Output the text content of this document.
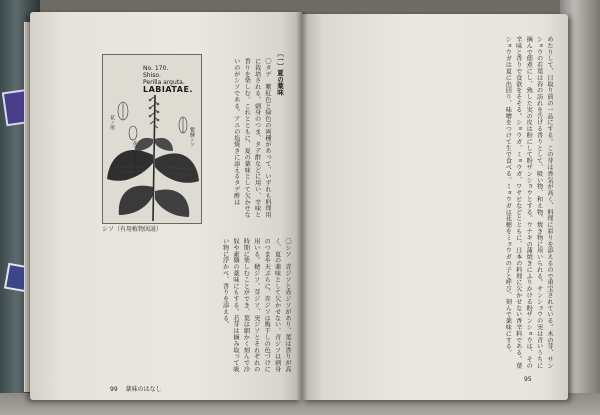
No. 170.
Shiso.
Perilla arguta.
LABIATAE.
花ノ形
紫蘇シソ
花ヲ縦ニ割タモノ
シソ（有用植物図説）
〔一〕夏の薬味
〇タデ　紫紅色と緑色の両種があって、いずれも料理用に栽培される。刺身のつま、タデ酢などに用い、辛味と香りを楽しむ。これとともに、夏の薬味として欠かせないのがシソである。アユの塩焼きに添えるタデ酢は
〇シソ　青ジソと赤ジソがあり、葉は香りが高く、夏の薬味として欠かせない。青ジソは刺身のつまや天ぷらに、赤ジソは梅干しの色づけに用いる。穂ジソ、芽ジソ、実ジソとそれぞれの時期に楽しむことができ、葉は細かく刻んで冷奴や素麺の薬味にもする。若芽は摘み取って吸い物に浮かべ、香りを添える。
99 薬味のはなし
めたりして、日取り前の一品にする。この芽は香気が高く、料理に彩りを添えるので重宝されている。木の芽、サンショウの若葉は春の訪れを告げる香りとして、吸い物、和え物、焼き物に用いられる。サンショウの実は青いうちに摘んで佃煮にし、熟した実の皮は粉にして粉ザンショウとする。ウナギの蒲焼きにふりかける粉ザンショウは、その辛味と香りで食欲をそそる。ショウガ、ミョウガ、ワサビなどとともに、日本の料理に欠かせない香辛料である。葉ショウガは夏に出回り、味噌をつけて生で食べる。ミョウガは花穂をミョウガの子と呼び、刻んで薬味にする。
95
